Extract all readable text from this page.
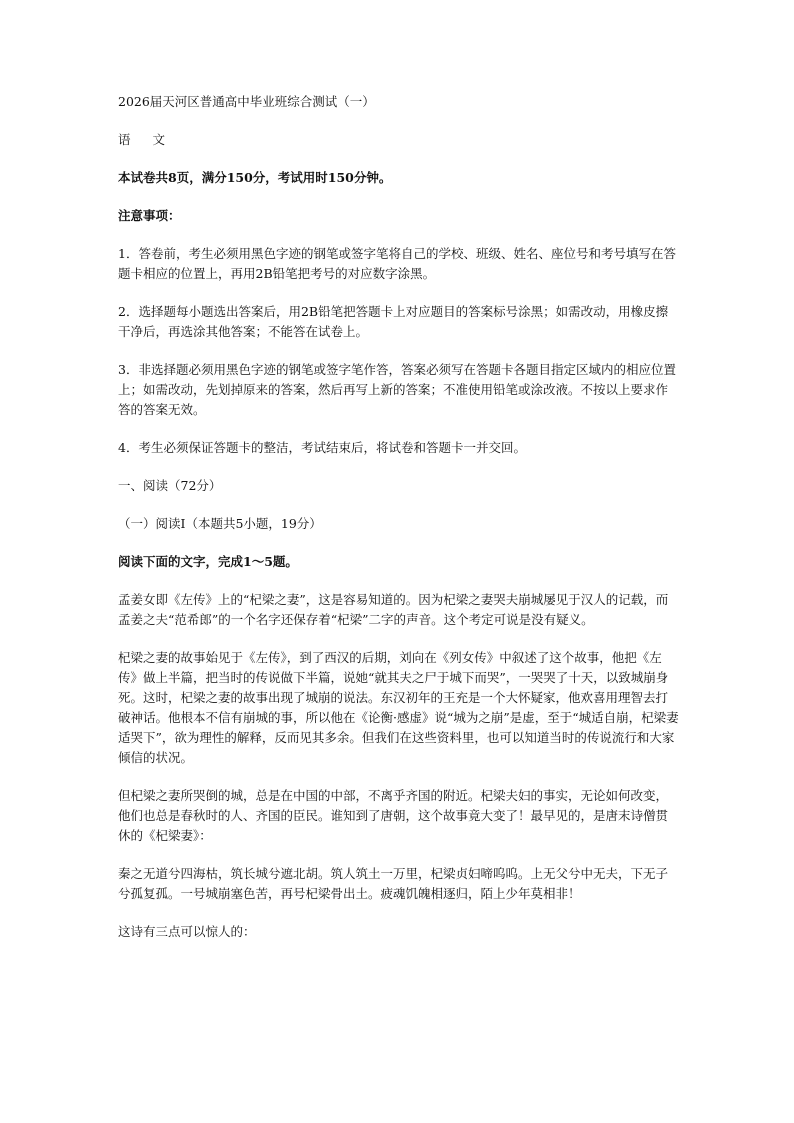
2026届天河区普通高中毕业班综合测试（一）

语 文

本试卷共8页，满分150分，考试用时150分钟。

注意事项：

1．答卷前，考生必须用黑色字迹的钢笔或签字笔将自己的学校、班级、姓名、座位号和考号填写在答题卡相应的位置上，再用2B铅笔把考号的对应数字涂黑。

2．选择题每小题选出答案后，用2B铅笔把答题卡上对应题目的答案标号涂黑；如需改动，用橡皮擦干净后，再选涂其他答案；不能答在试卷上。

3．非选择题必须用黑色字迹的钢笔或签字笔作答，答案必须写在答题卡各题目指定区域内的相应位置上；如需改动，先划掉原来的答案，然后再写上新的答案；不准使用铅笔或涂改液。不按以上要求作答的答案无效。

4．考生必须保证答题卡的整洁，考试结束后，将试卷和答题卡一并交回。

一、阅读（72分）

（一）阅读Ⅰ（本题共5小题，19分）

阅读下面的文字，完成1～5题。

孟姜女即《左传》上的“杞梁之妻”，这是容易知道的。因为杞梁之妻哭夫崩城屡见于汉人的记载，而孟姜之夫“范希郎”的一个名字还保存着“杞梁”二字的声音。这个考定可说是没有疑义。

杞梁之妻的故事始见于《左传》，到了西汉的后期，刘向在《列女传》中叙述了这个故事，他把《左传》做上半篇，把当时的传说做下半篇，说她“就其夫之尸于城下而哭”，一哭哭了十天，以致城崩身死。这时，杞梁之妻的故事出现了城崩的说法。东汉初年的王充是一个大怀疑家，他欢喜用理智去打破神话。他根本不信有崩城的事，所以他在《论衡·感虚》说“城为之崩”是虚，至于“城适自崩，杞梁妻适哭下”，欲为理性的解释，反而见其多余。但我们在这些资料里，也可以知道当时的传说流行和大家倾信的状况。

但杞梁之妻所哭倒的城，总是在中国的中部，不离乎齐国的附近。杞梁夫妇的事实，无论如何改变，他们也总是春秋时的人、齐国的臣民。谁知到了唐朝，这个故事竟大变了！最早见的，是唐末诗僧贯休的《杞梁妻》：

秦之无道兮四海枯，筑长城兮遮北胡。筑人筑土一万里，杞梁贞妇啼呜呜。上无父兮中无夫，下无子兮孤复孤。一号城崩塞色苦，再号杞梁骨出土。疲魂饥魄相逐归，陌上少年莫相非！

这诗有三点可以惊人的：
